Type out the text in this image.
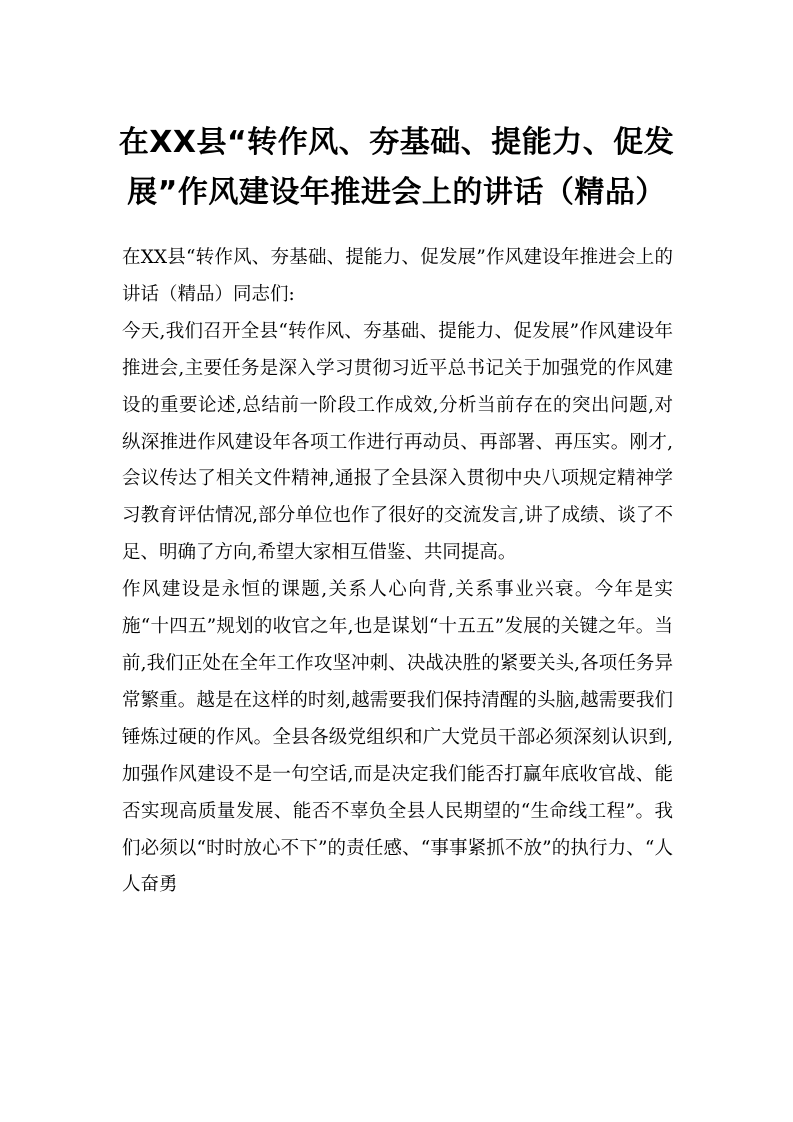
在XX县“转作风、夯基础、提能力、促发展”作风建设年推进会上的讲话（精品）

在XX县“转作风、夯基础、提能力、促发展”作风建设年推进会上的讲话（精品）同志们:

今天,我们召开全县“转作风、夯基础、提能力、促发展”作风建设年推进会,主要任务是深入学习贯彻习近平总书记关于加强党的作风建设的重要论述,总结前一阶段工作成效,分析当前存在的突出问题,对纵深推进作风建设年各项工作进行再动员、再部署、再压实。刚才,会议传达了相关文件精神,通报了全县深入贯彻中央八项规定精神学习教育评估情况,部分单位也作了很好的交流发言,讲了成绩、谈了不足、明确了方向,希望大家相互借鉴、共同提高。

作风建设是永恒的课题,关系人心向背,关系事业兴衰。今年是实施“十四五”规划的收官之年,也是谋划“十五五”发展的关键之年。当前,我们正处在全年工作攻坚冲刺、决战决胜的紧要关头,各项任务异常繁重。越是在这样的时刻,越需要我们保持清醒的头脑,越需要我们锤炼过硬的作风。全县各级党组织和广大党员干部必须深刻认识到,加强作风建设不是一句空话,而是决定我们能否打赢年底收官战、能否实现高质量发展、能否不辜负全县人民期望的“生命线工程”。我们必须以“时时放心不下”的责任感、“事事紧抓不放”的执行力、“人人奋勇
